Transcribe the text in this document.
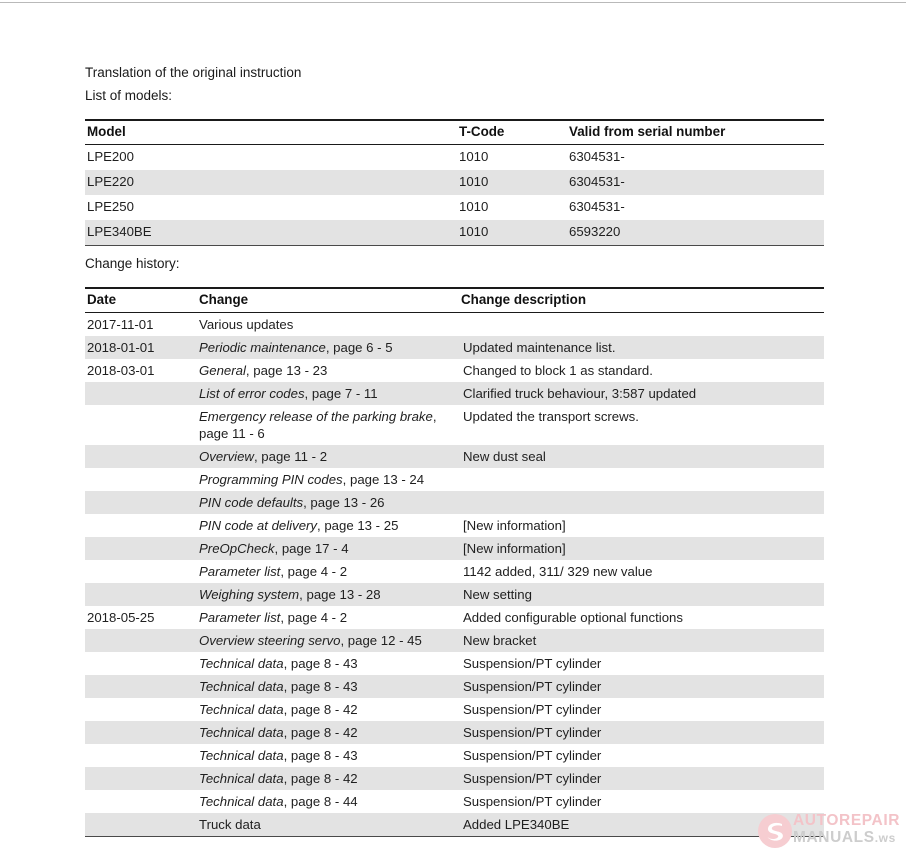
Translation of the original instruction

List of models:

Model	T-Code	Valid from serial number
LPE200	1010	6304531-
LPE220	1010	6304531-
LPE250	1010	6304531-
LPE340BE	1010	6593220

Change history:

Date	Change	Change description
2017-11-01	Various updates	
2018-01-01	Periodic maintenance, page 6 - 5	Updated maintenance list.
2018-03-01	General, page 13 - 23	Changed to block 1 as standard.
	List of error codes, page 7 - 11	Clarified truck behaviour, 3:587 updated
	Emergency release of the parking brake, page 11 - 6	Updated the transport screws.
	Overview, page 11 - 2	New dust seal
	Programming PIN codes, page 13 - 24	
	PIN code defaults, page 13 - 26	
	PIN code at delivery, page 13 - 25	[New information]
	PreOpCheck, page 17 - 4	[New information]
	Parameter list, page 4 - 2	1142 added, 311/ 329 new value
	Weighing system, page 13 - 28	New setting
2018-05-25	Parameter list, page 4 - 2	Added configurable optional functions
	Overview steering servo, page 12 - 45	New bracket
	Technical data, page 8 - 43	Suspension/PT cylinder
	Technical data, page 8 - 43	Suspension/PT cylinder
	Technical data, page 8 - 42	Suspension/PT cylinder
	Technical data, page 8 - 42	Suspension/PT cylinder
	Technical data, page 8 - 43	Suspension/PT cylinder
	Technical data, page 8 - 42	Suspension/PT cylinder
	Technical data, page 8 - 44	Suspension/PT cylinder
	Truck data	Added LPE340BE	AUTOREPAIR
MANUALS.ws
